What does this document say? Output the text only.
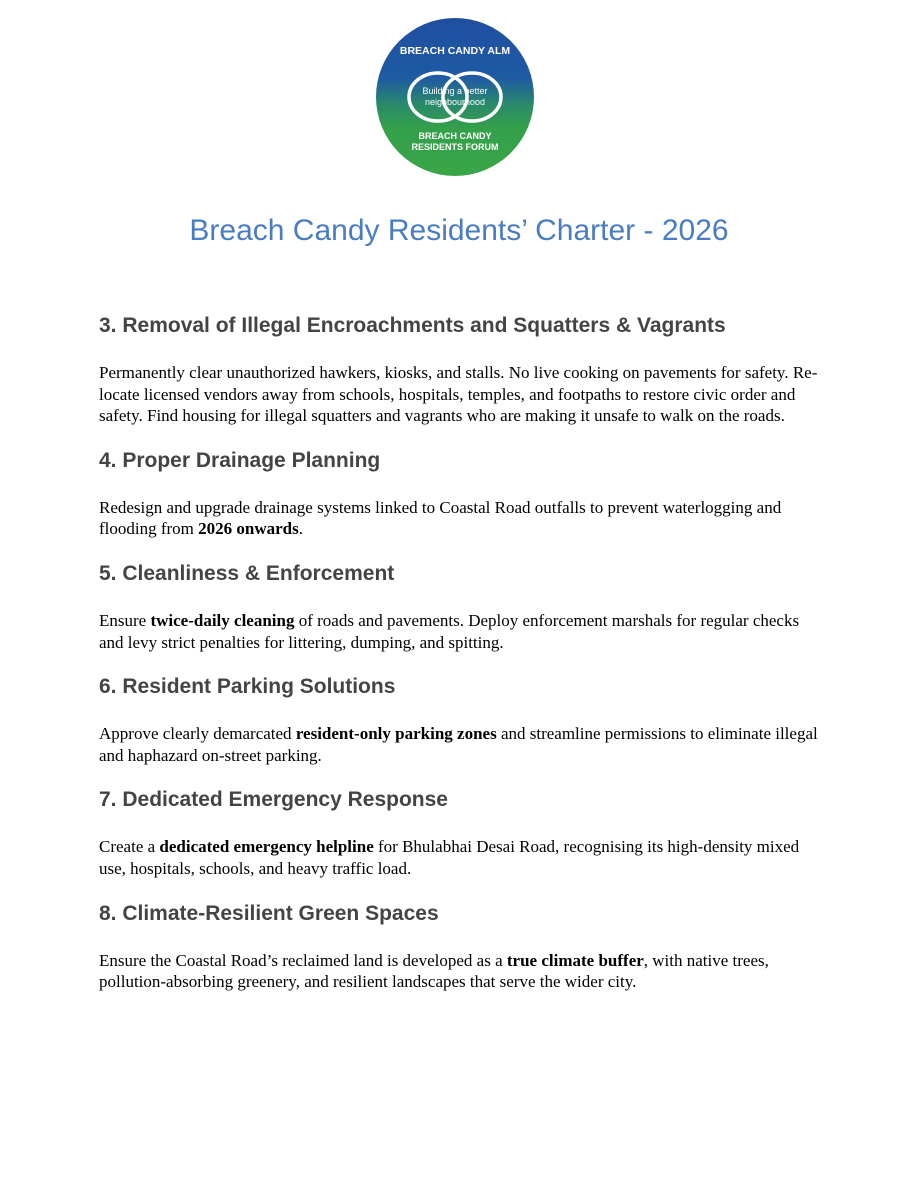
BREACH CANDY ALM
Building a better
neighbourhood
BREACH CANDY
RESIDENTS FORUM
Breach Candy Residents’ Charter - 2026
3. Removal of Illegal Encroachments and Squatters & Vagrants

Permanently clear unauthorized hawkers, kiosks, and stalls. No live cooking on pavements for safety. Re-locate licensed vendors away from schools, hospitals, temples, and footpaths to restore civic order and safety. Find housing for illegal squatters and vagrants who are making it unsafe to walk on the roads.

4. Proper Drainage Planning

Redesign and upgrade drainage systems linked to Coastal Road outfalls to prevent waterlogging and flooding from 2026 onwards.

5. Cleanliness & Enforcement

Ensure twice-daily cleaning of roads and pavements. Deploy enforcement marshals for regular checks and levy strict penalties for littering, dumping, and spitting.

6. Resident Parking Solutions

Approve clearly demarcated resident-only parking zones and streamline permissions to eliminate illegal and haphazard on-street parking.

7. Dedicated Emergency Response

Create a dedicated emergency helpline for Bhulabhai Desai Road, recognising its high-density mixed use, hospitals, schools, and heavy traffic load.

8. Climate-Resilient Green Spaces

Ensure the Coastal Road’s reclaimed land is developed as a true climate buffer, with native trees, pollution-absorbing greenery, and resilient landscapes that serve the wider city.
